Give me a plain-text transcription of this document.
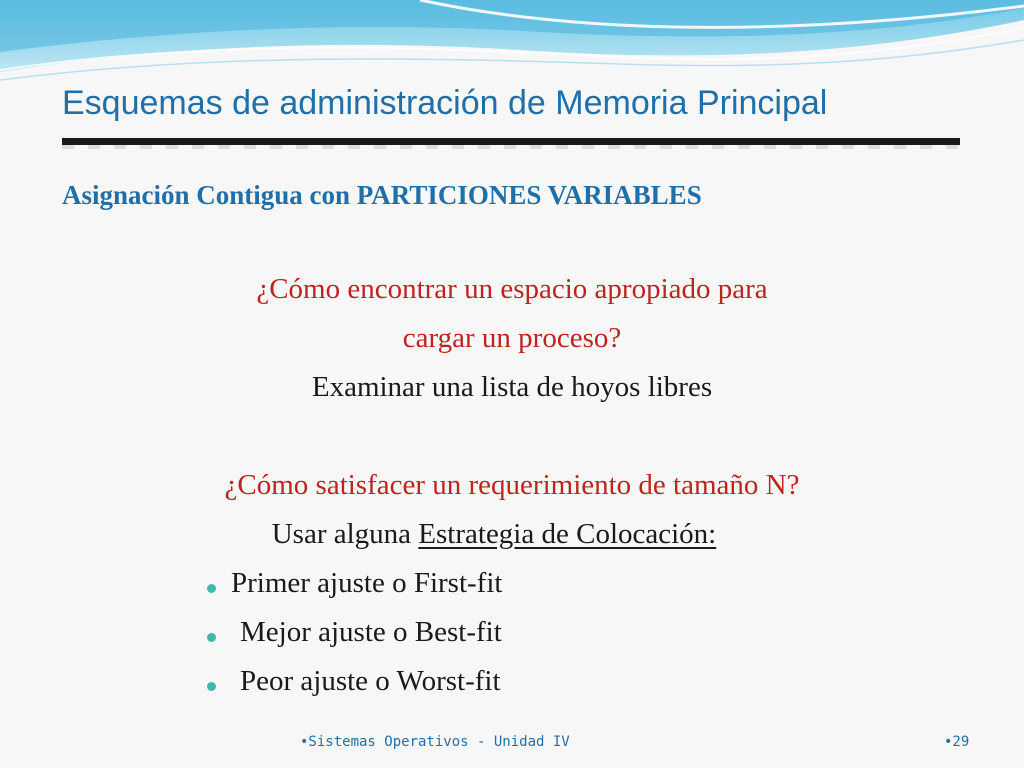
Esquemas de administración de Memoria Principal
Asignación Contigua con PARTICIONES VARIABLES
¿Cómo encontrar un espacio apropiado para
cargar un proceso?
Examinar una lista de hoyos libres
¿Cómo satisfacer un requerimiento de tamaño N?
Usar alguna Estrategia de Colocación:
Primer ajuste o First-fit
Mejor ajuste o Best-fit
Peor ajuste o Worst-fit
•Sistemas Operativos - Unidad IV	•29
